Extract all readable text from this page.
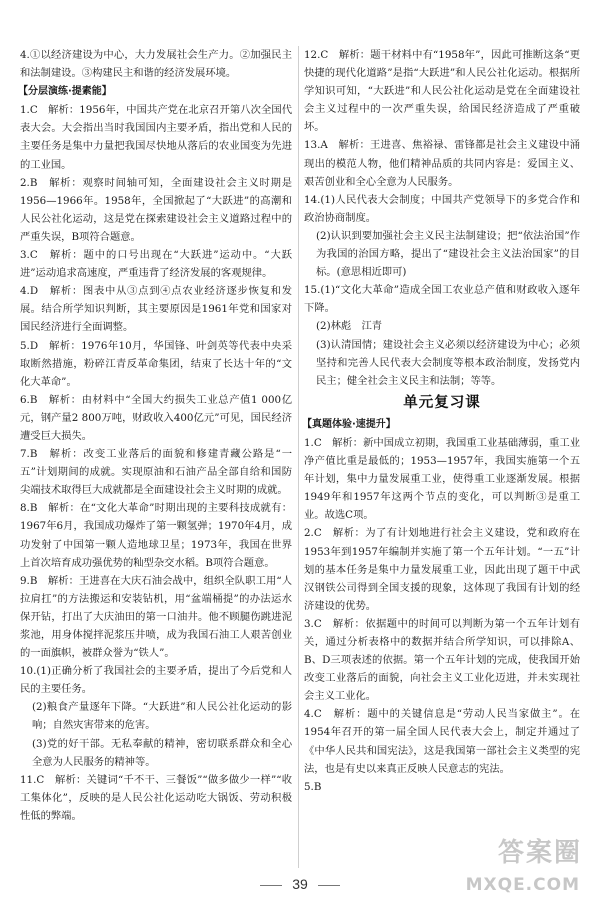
4.①以经济建设为中心，大力发展社会生产力。②加强民主和法制建设。③构建民主和谐的经济发展环境。
【分层演练·提素能】
1.C　解析：1956年，中国共产党在北京召开第八次全国代表大会。大会指出当时我国国内主要矛盾，指出党和人民的主要任务是集中力量把我国尽快地从落后的农业国变为先进的工业国。
2.B　解析：观察时间轴可知，全面建设社会主义时期是1956—1966年。1958年，全国掀起了“大跃进”的高潮和人民公社化运动，这是党在探索建设社会主义道路过程中的严重失误，B项符合题意。
3.C　解析：题中的口号出现在“大跃进”运动中。“大跃进”运动追求高速度，严重违背了经济发展的客观规律。
4.D　解析：图表中从③点到④点农业经济逐步恢复和发展。结合所学知识判断，其主要原因是1961年党和国家对国民经济进行全面调整。
5.D　解析：1976年10月，华国锋、叶剑英等代表中央采取断然措施，粉碎江青反革命集团，结束了长达十年的“文化大革命”。
6.B　解析：由材料中“全国大约损失工业总产值1 000亿元，钢产量2 800万吨，财政收入400亿元”可见，国民经济遭受巨大损失。
7.B　解析：改变工业落后的面貌和修建青藏公路是“一五”计划期间的成就。实现原油和石油产品全部自给和国防尖端技术取得巨大成就都是全面建设社会主义时期的成就。
8.B　解析：在“文化大革命”时期出现的主要科技成就有：1967年6月，我国成功爆炸了第一颗氢弹；1970年4月，成功发射了中国第一颗人造地球卫星；1973年，我国在世界上首次培育成功强优势的籼型杂交水稻。B项符合题意。
9.B　解析：王进喜在大庆石油会战中，组织全队职工用“人拉肩扛”的方法搬运和安装钻机，用“盆端桶提”的办法运水保开钻，打出了大庆油田的第一口油井。他不顾腿伤跳进泥浆池，用身体搅拌泥浆压井喷，成为我国石油工人艰苦创业的一面旗帜，被群众誉为“铁人”。
10.(1)正确分析了我国社会的主要矛盾，提出了今后党和人民的主要任务。
(2)粮食产量逐年下降。“大跃进”和人民公社化运动的影响；自然灾害带来的危害。
(3)党的好干部。无私奉献的精神，密切联系群众和全心全意为人民服务的精神等。
11.C　解析：关键词“千不干、三餐饭”“做多做少一样”“收工集体化”，反映的是人民公社化运动吃大锅饭、劳动积极性低的弊端。
12.C　解析：题干材料中有“1958年”，因此可推断这条“更快捷的现代化道路”是指“大跃进”和人民公社化运动。根据所学知识可知，“大跃进”和人民公社化运动是党在全面建设社会主义过程中的一次严重失误，给国民经济造成了严重破坏。
13.A　解析：王进喜、焦裕禄、雷锋都是社会主义建设中涌现出的模范人物，他们精神品质的共同内容是：爱国主义、艰苦创业和全心全意为人民服务。
14.(1)人民代表大会制度；中国共产党领导下的多党合作和政治协商制度。
(2)认识到要加强社会主义民主法制建设；把“依法治国”作为我国的治国方略，提出了“建设社会主义法治国家”的目标。(意思相近即可)
15.(1)“文化大革命”造成全国工农业总产值和财政收入逐年下降。
(2)林彪　江青
(3)认清国情；建设社会主义必须以经济建设为中心；必须坚持和完善人民代表大会制度等根本政治制度，发扬党内民主；健全社会主义民主和法制；等等。
单元复习课
【真题体验·速提升】
1.C　解析：新中国成立初期，我国重工业基础薄弱，重工业净产值比重是最低的；1953—1957年，我国实施第一个五年计划，集中力量发展重工业，使得重工业逐渐发展。根据1949年和1957年这两个节点的变化，可以判断③是重工业。故选C项。
2.C　解析：为了有计划地进行社会主义建设，党和政府在1953年到1957年编制并实施了第一个五年计划。“一五”计划的基本任务是集中力量发展重工业，因此出现了题干中武汉钢铁公司得到全国支援的现象，这体现了我国有计划的经济建设的优势。
3.C　解析：依据题中的时间可以判断为第一个五年计划有关，通过分析表格中的数据并结合所学知识，可以排除A、B、D三项表述的依据。第一个五年计划的完成，使我国开始改变工业落后的面貌，向社会主义工业化迈进，并未实现社会主义工业化。
4.C　解析：题中的关键信息是“劳动人民当家做主”。在1954年召开的第一届全国人民代表大会上，制定并通过了《中华人民共和国宪法》，这是我国第一部社会主义类型的宪法，也是有史以来真正反映人民意志的宪法。
5.B
39
答案圈
MXQE.COM
